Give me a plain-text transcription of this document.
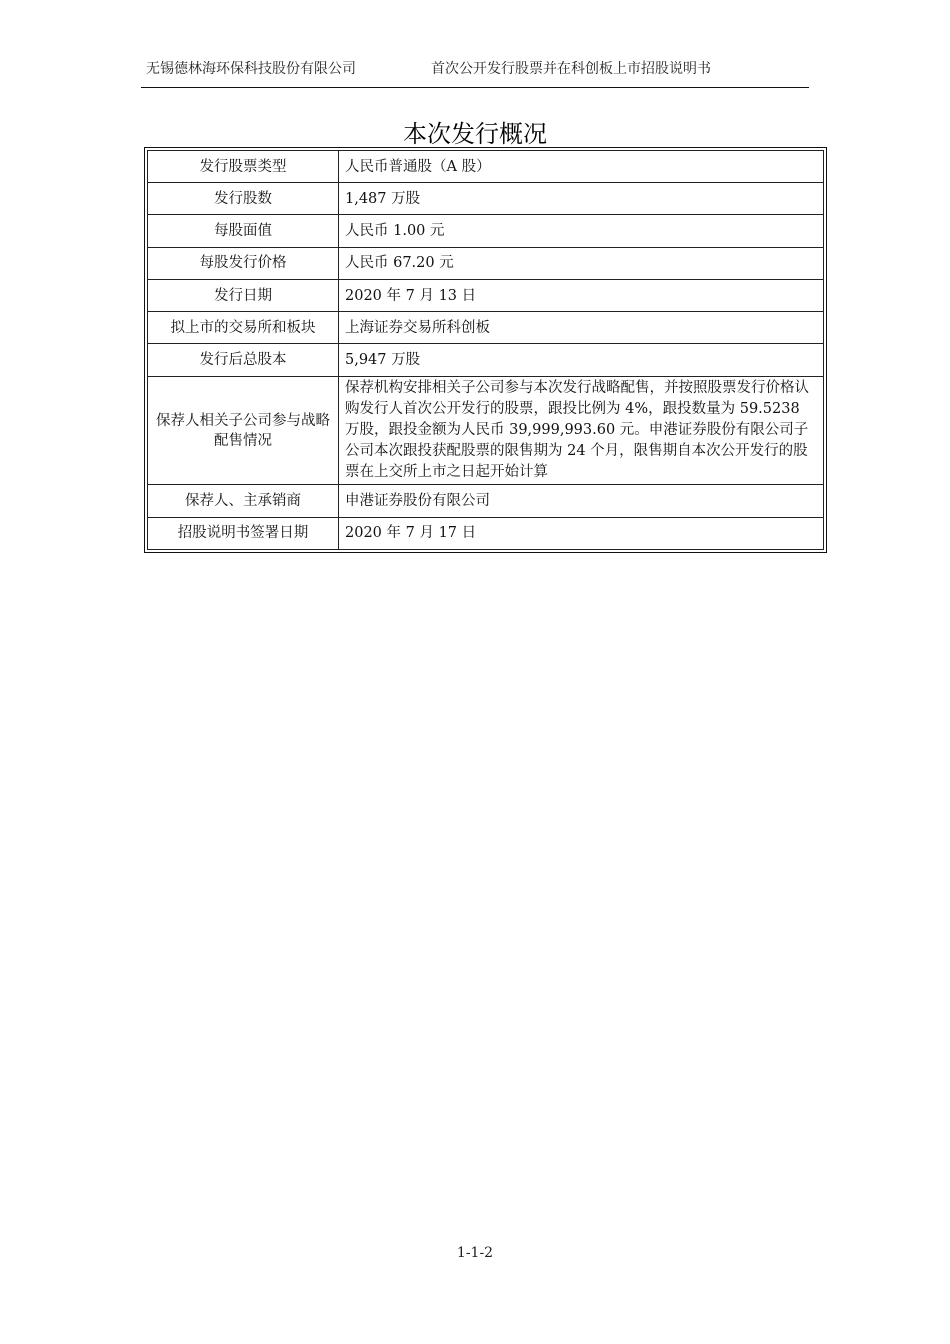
无锡德林海环保科技股份有限公司	首次公开发行股票并在科创板上市招股说明书
本次发行概况
发行股票类型	人民币普通股（A 股）
发行股数	1,487 万股
每股面值	人民币 1.00 元
每股发行价格	人民币 67.20 元
发行日期	2020 年 7 月 13 日
拟上市的交易所和板块	上海证券交易所科创板
发行后总股本	5,947 万股
保荐人相关子公司参与战略配售情况	保荐机构安排相关子公司参与本次发行战略配售，并按照股票发行价格认购发行人首次公开发行的股票，跟投比例为 4%，跟投数量为 59.5238 万股，跟投金额为人民币 39,999,993.60 元。申港证券股份有限公司子公司本次跟投获配股票的限售期为 24 个月，限售期自本次公开发行的股票在上交所上市之日起开始计算
保荐人、主承销商	申港证券股份有限公司
招股说明书签署日期	2020 年 7 月 17 日
1-1-2
